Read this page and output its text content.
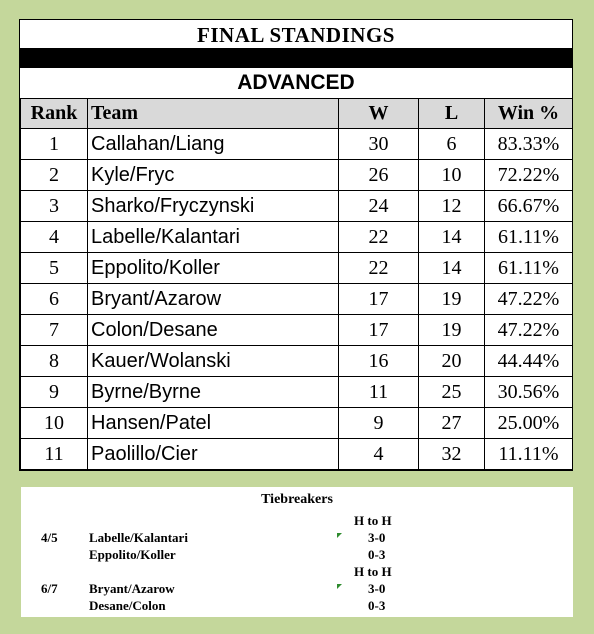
FINAL STANDINGS
ADVANCED
Rank	Team	W	L	Win %
1	Callahan/Liang	30	6	83.33%
2	Kyle/Fryc	26	10	72.22%
3	Sharko/Fryczynski	24	12	66.67%
4	Labelle/Kalantari	22	14	61.11%
5	Eppolito/Koller	22	14	61.11%
6	Bryant/Azarow	17	19	47.22%
7	Colon/Desane	17	19	47.22%
8	Kauer/Wolanski	16	20	44.44%
9	Byrne/Byrne	11	25	30.56%
10	Hansen/Patel	9	27	25.00%
11	Paolillo/Cier	4	32	11.11%
Tiebreakers
H to H
4/5 Labelle/Kalantari	3-0
Eppolito/Koller	0-3
H to H
6/7 Bryant/Azarow	3-0
Desane/Colon	0-3
